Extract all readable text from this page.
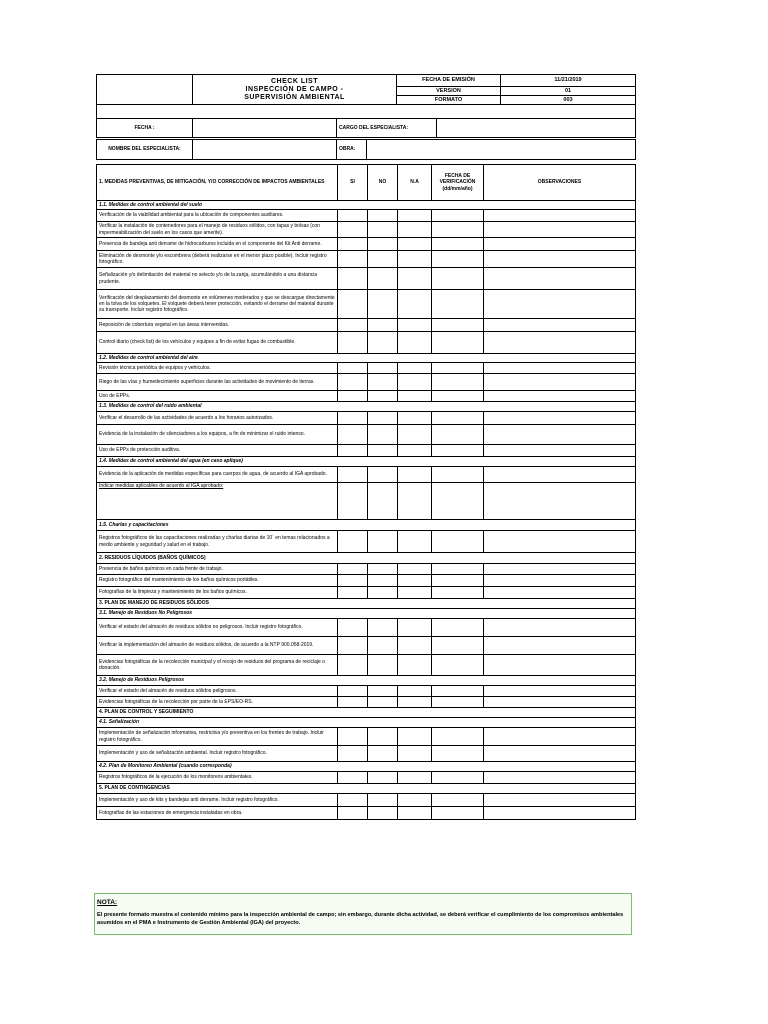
	CHECK LIST
INSPECCIÓN DE CAMPO -
SUPERVISIÓN AMBIENTAL	FECHA DE EMISIÓN	11/21/2019
		VERSION	01
		FORMATO	003

FECHA :		CARGO DEL ESPECIALISTA:	
NOMBRE DEL ESPECIALISTA:		OBRA:	
1. MEDIDAS PREVENTIVAS, DE MITIGACIÓN, Y/O CORRECCIÓN DE IMPACTOS AMBIENTALES	SI	NO	N.A	FECHA DE VERIFICACIÓN (dd/mm/año)	OBSERVACIONES
1.1. Medidas de control ambiental del suelo					
Verificación de la viabilidad ambiental para la ubicación de componentes auxiliares.					
Verificar la instalación de contenedores para el manejo de residuos sólidos, con tapas y bolsas (con impermeabilización del suelo en los casos que amerite).					
Presencia de bandeja anti derrame de hidrocarburos incluida en el componente del Kit Anti derrame.					
Eliminación de desmonte y/o escombrera (deberá realizarse en el menor plazo posible). Incluir registro fotográfico.					
Señalización y/o delimitación del material no selecto y/o de la zanja, acumulándolo a una distancia prudente.					
Verificación del desplazamiento del desmonte en volúmenes moderados y que se descargue directamente en la tolva de los volquetes. El volquete deberá tener protección, evitando el derrame del material durante su transporte. Incluir registro fotográfico.					
Reposición de cobertura vegetal en las áreas intervenidas.					
Control diario (check list) de los vehículos y equipos a fin de evitar fugas de combustible.					
1.2. Medidas de control ambiental del aire					
Revisión técnica periódica de equipos y vehículos.					
Riego de las vías y humedecimiento superficies durante las actividades de movimiento de tierras.					
Uso de EPPs.					
1.3. Medidas de control del ruido ambiental					
Verificar el desarrollo de las actividades de acuerdo a los horarios autorizados.					
Evidencia de la instalación de silenciadores a los equipos, a fin de minimizar el ruido intenso.					
Uso de EPPs de protección auditiva.					
1.4. Medidas de control ambiental del agua (en caso aplique)					
Evidencia de la aplicación de medidas específicas para cuerpos de agua, de acuerdo al IGA aprobado.					
Indicar medidas aplicables de acuerdo al IGA aprobado:					
1.5. Charlas y capacitaciones					
Registros fotográficos de las capacitaciones realizadas y charlas diarias de 10´ en temas relacionados a medio ambiente y seguridad y salud en el trabajo.					
2. RESIDUOS LÍQUIDOS (BAÑOS QUÍMICOS)					
Presencia de baños químicos en cada frente de trabajo.					
Registro fotográfico del mantenimiento de los baños químicos portátiles.					
Fotografías de la limpieza y mantenimiento de los baños químicos.					
3. PLAN DE MANEJO DE RESIDUOS SÓLIDOS					
3.1. Manejo de Residuos No Peligrosos					
Verificar el estado del almacén de residuos sólidos no peligrosos. Incluir registro fotográfico.					
Verificar la implementación del almacén de residuos sólidos, de acuerdo a la NTP 900.058-2019.					
Evidencias fotográficas de la recolección municipal y el recojo de residuos del programa de reciclaje o donación.					
3.2. Manejo de Residuos Peligrosos					
Verificar el estado del almacén de residuos sólidos peligrosos.					
Evidencias fotográficas de la recolección por parte de la EPS/EO-RS.					
4. PLAN DE CONTROL Y SEGUIMIENTO					
4.1. Señalización					
Implementación de señalización informativa, restrictiva y/o preventiva en los frentes de trabajo. Incluir registro fotográfico.					
Implementación y uso de señalización ambiental. Incluir registro fotográfico.					
4.2. Plan de Monitoreo Ambiental (cuando corresponda)					
Registros fotográficos de la ejecución de los monitoreos ambientales.					
5. PLAN DE CONTINGENCIAS					
Implementación y uso de kits y bandejas anti derrame. Incluir registro fotográfico.					
Fotografías de las estaciones de emergencia instaladas en obra.					
NOTA:
El presente formato muestra el contenido mínimo para la inspección ambiental de campo; sin embargo, durante dicha actividad, se deberá verificar el cumplimiento de los compromisos ambientales asumidos en el PMA e Instrumento de Gestión Ambiental (IGA) del proyecto.
